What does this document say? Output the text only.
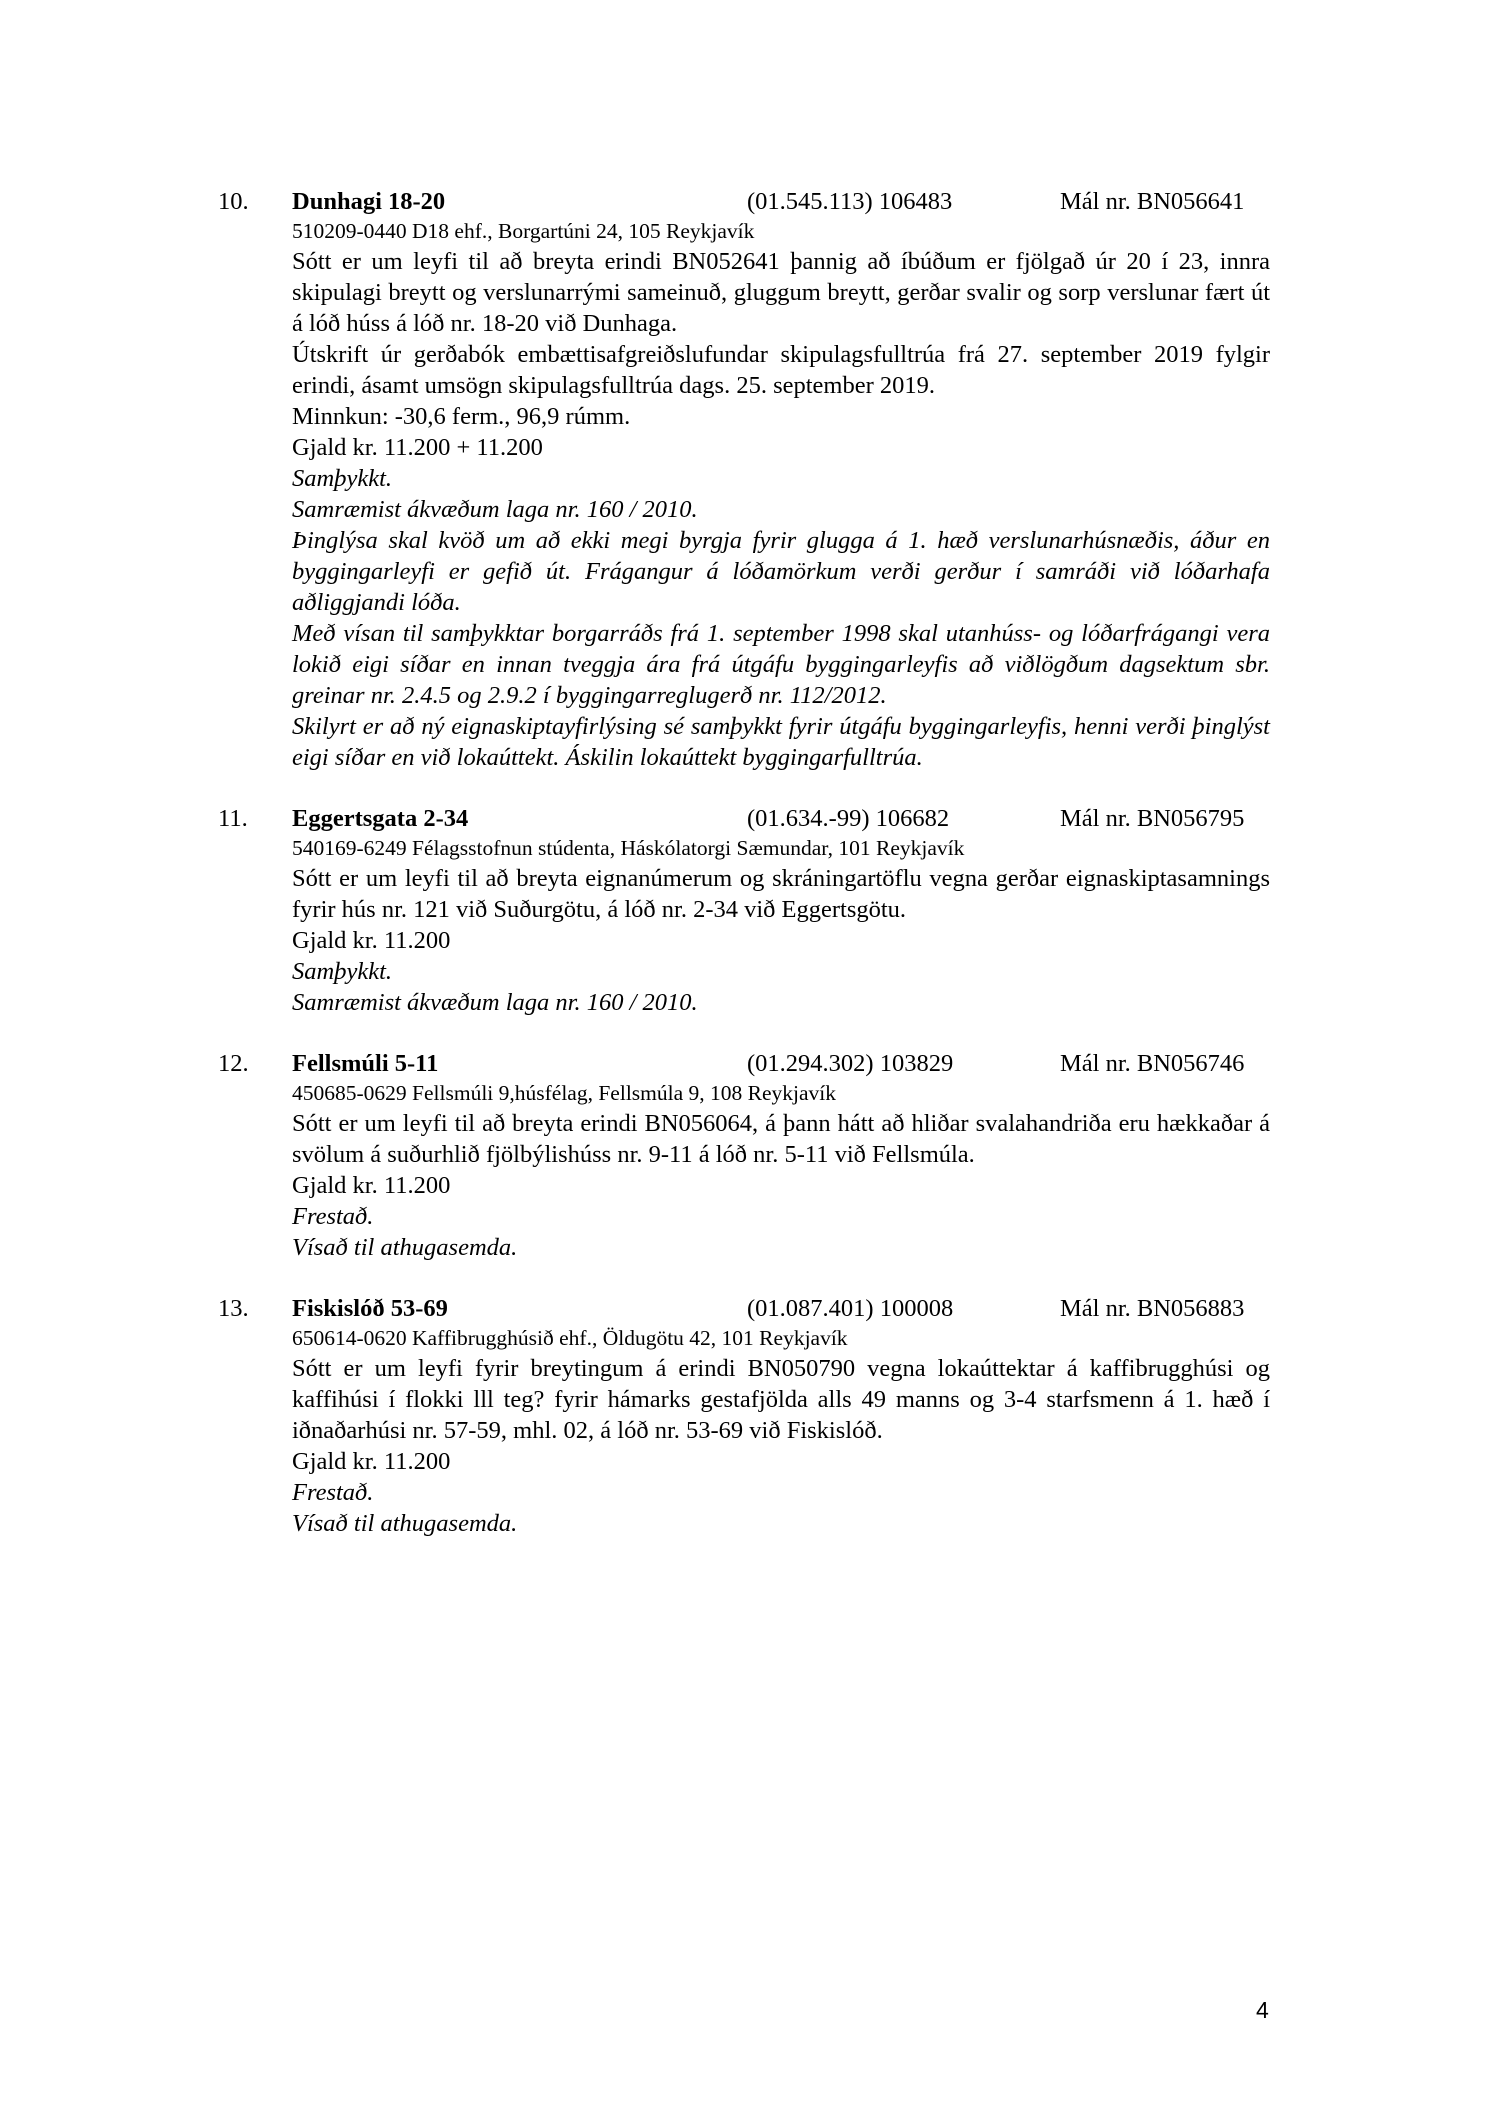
10. Dunhagi 18-20	(01.545.113) 106483	Mál nr. BN056641
510209-0440 D18 ehf., Borgartúni 24, 105 Reykjavík

Sótt er um leyfi til að breyta erindi BN052641 þannig að íbúðum er fjölgað úr 20 í 23, innra skipulagi breytt og verslunarrými sameinuð, gluggum breytt, gerðar svalir og sorp verslunar fært út á lóð húss á lóð nr. 18-20 við Dunhaga.

Útskrift úr gerðabók embættisafgreiðslufundar skipulagsfulltrúa frá 27. september 2019 fylgir erindi, ásamt umsögn skipulagsfulltrúa dags. 25. september 2019.

Minnkun: -30,6 ferm., 96,9 rúmm.

Gjald kr. 11.200 + 11.200

Samþykkt.

Samræmist ákvæðum laga nr. 160 / 2010.

Þinglýsa skal kvöð um að ekki megi byrgja fyrir glugga á 1. hæð verslunarhúsnæðis, áður en byggingarleyfi er gefið út. Frágangur á lóðamörkum verði gerður í samráði við lóðarhafa aðliggjandi lóða.

Með vísan til samþykktar borgarráðs frá 1. september 1998 skal utanhúss- og lóðarfrágangi vera lokið eigi síðar en innan tveggja ára frá útgáfu byggingarleyfis að viðlögðum dagsektum sbr. greinar nr. 2.4.5 og 2.9.2 í byggingarreglugerð nr. 112/2012.

Skilyrt er að ný eignaskiptayfirlýsing sé samþykkt fyrir útgáfu byggingarleyfis, henni verði þinglýst eigi síðar en við lokaúttekt. Áskilin lokaúttekt byggingarfulltrúa.

11. Eggertsgata 2-34	(01.634.-99) 106682	Mál nr. BN056795
540169-6249 Félagsstofnun stúdenta, Háskólatorgi Sæmundar, 101 Reykjavík

Sótt er um leyfi til að breyta eignanúmerum og skráningartöflu vegna gerðar eignaskiptasamnings fyrir hús nr. 121 við Suðurgötu, á lóð nr. 2-34 við Eggertsgötu.

Gjald kr. 11.200

Samþykkt.

Samræmist ákvæðum laga nr. 160 / 2010.

12. Fellsmúli 5-11	(01.294.302) 103829	Mál nr. BN056746
450685-0629 Fellsmúli 9,húsfélag, Fellsmúla 9, 108 Reykjavík

Sótt er um leyfi til að breyta erindi BN056064, á þann hátt að hliðar svalahandriða eru hækkaðar á svölum á suðurhlið fjölbýlishúss nr. 9-11 á lóð nr. 5-11 við Fellsmúla.

Gjald kr. 11.200

Frestað.

Vísað til athugasemda.

13. Fiskislóð 53-69	(01.087.401) 100008	Mál nr. BN056883
650614-0620 Kaffibrugghúsið ehf., Öldugötu 42, 101 Reykjavík

Sótt er um leyfi fyrir breytingum á erindi BN050790 vegna lokaúttektar á kaffibrugghúsi og kaffihúsi í flokki lll teg? fyrir hámarks gestafjölda alls 49 manns og 3-4 starfsmenn á 1. hæð í iðnaðarhúsi nr. 57-59, mhl. 02, á lóð nr. 53-69 við Fiskislóð.

Gjald kr. 11.200

Frestað.

Vísað til athugasemda.

4
